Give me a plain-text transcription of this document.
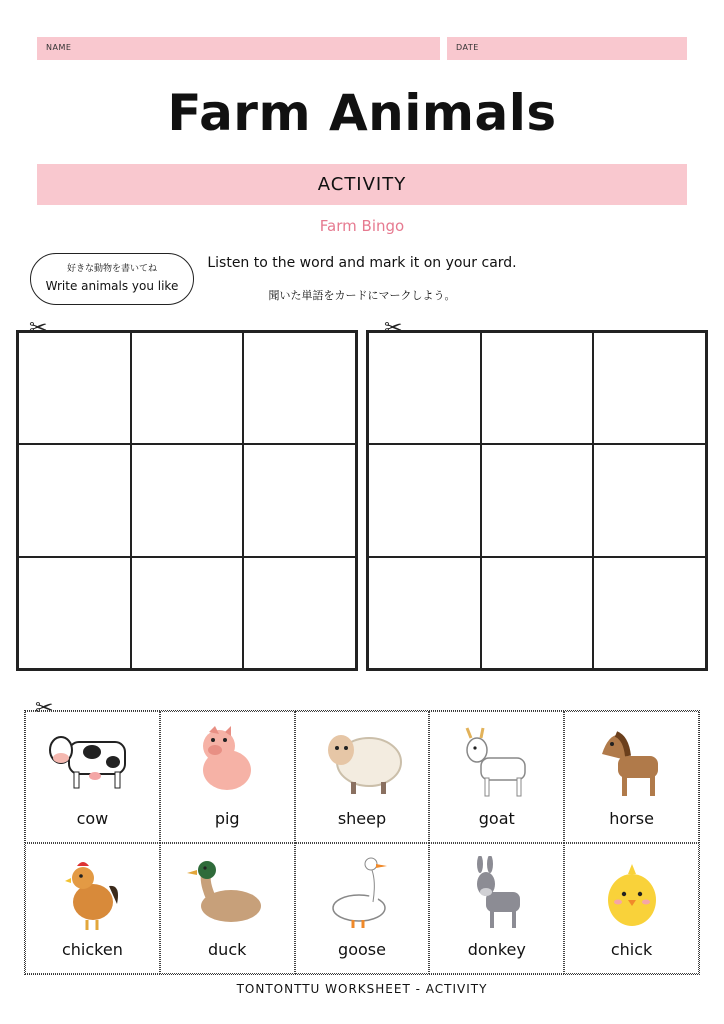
NAME	DATE
Farm Animals
ACTIVITY
Farm Bingo
好きな動物を書いてね
Write animals you like
Listen to the word and mark it on your card.
聞いた単語をカードにマークしよう。
✂	✂
✂
cow	pig	sheep	goat	horse
chicken	duck	goose	donkey	chick
TONTONTTU WORKSHEET - ACTIVITY
